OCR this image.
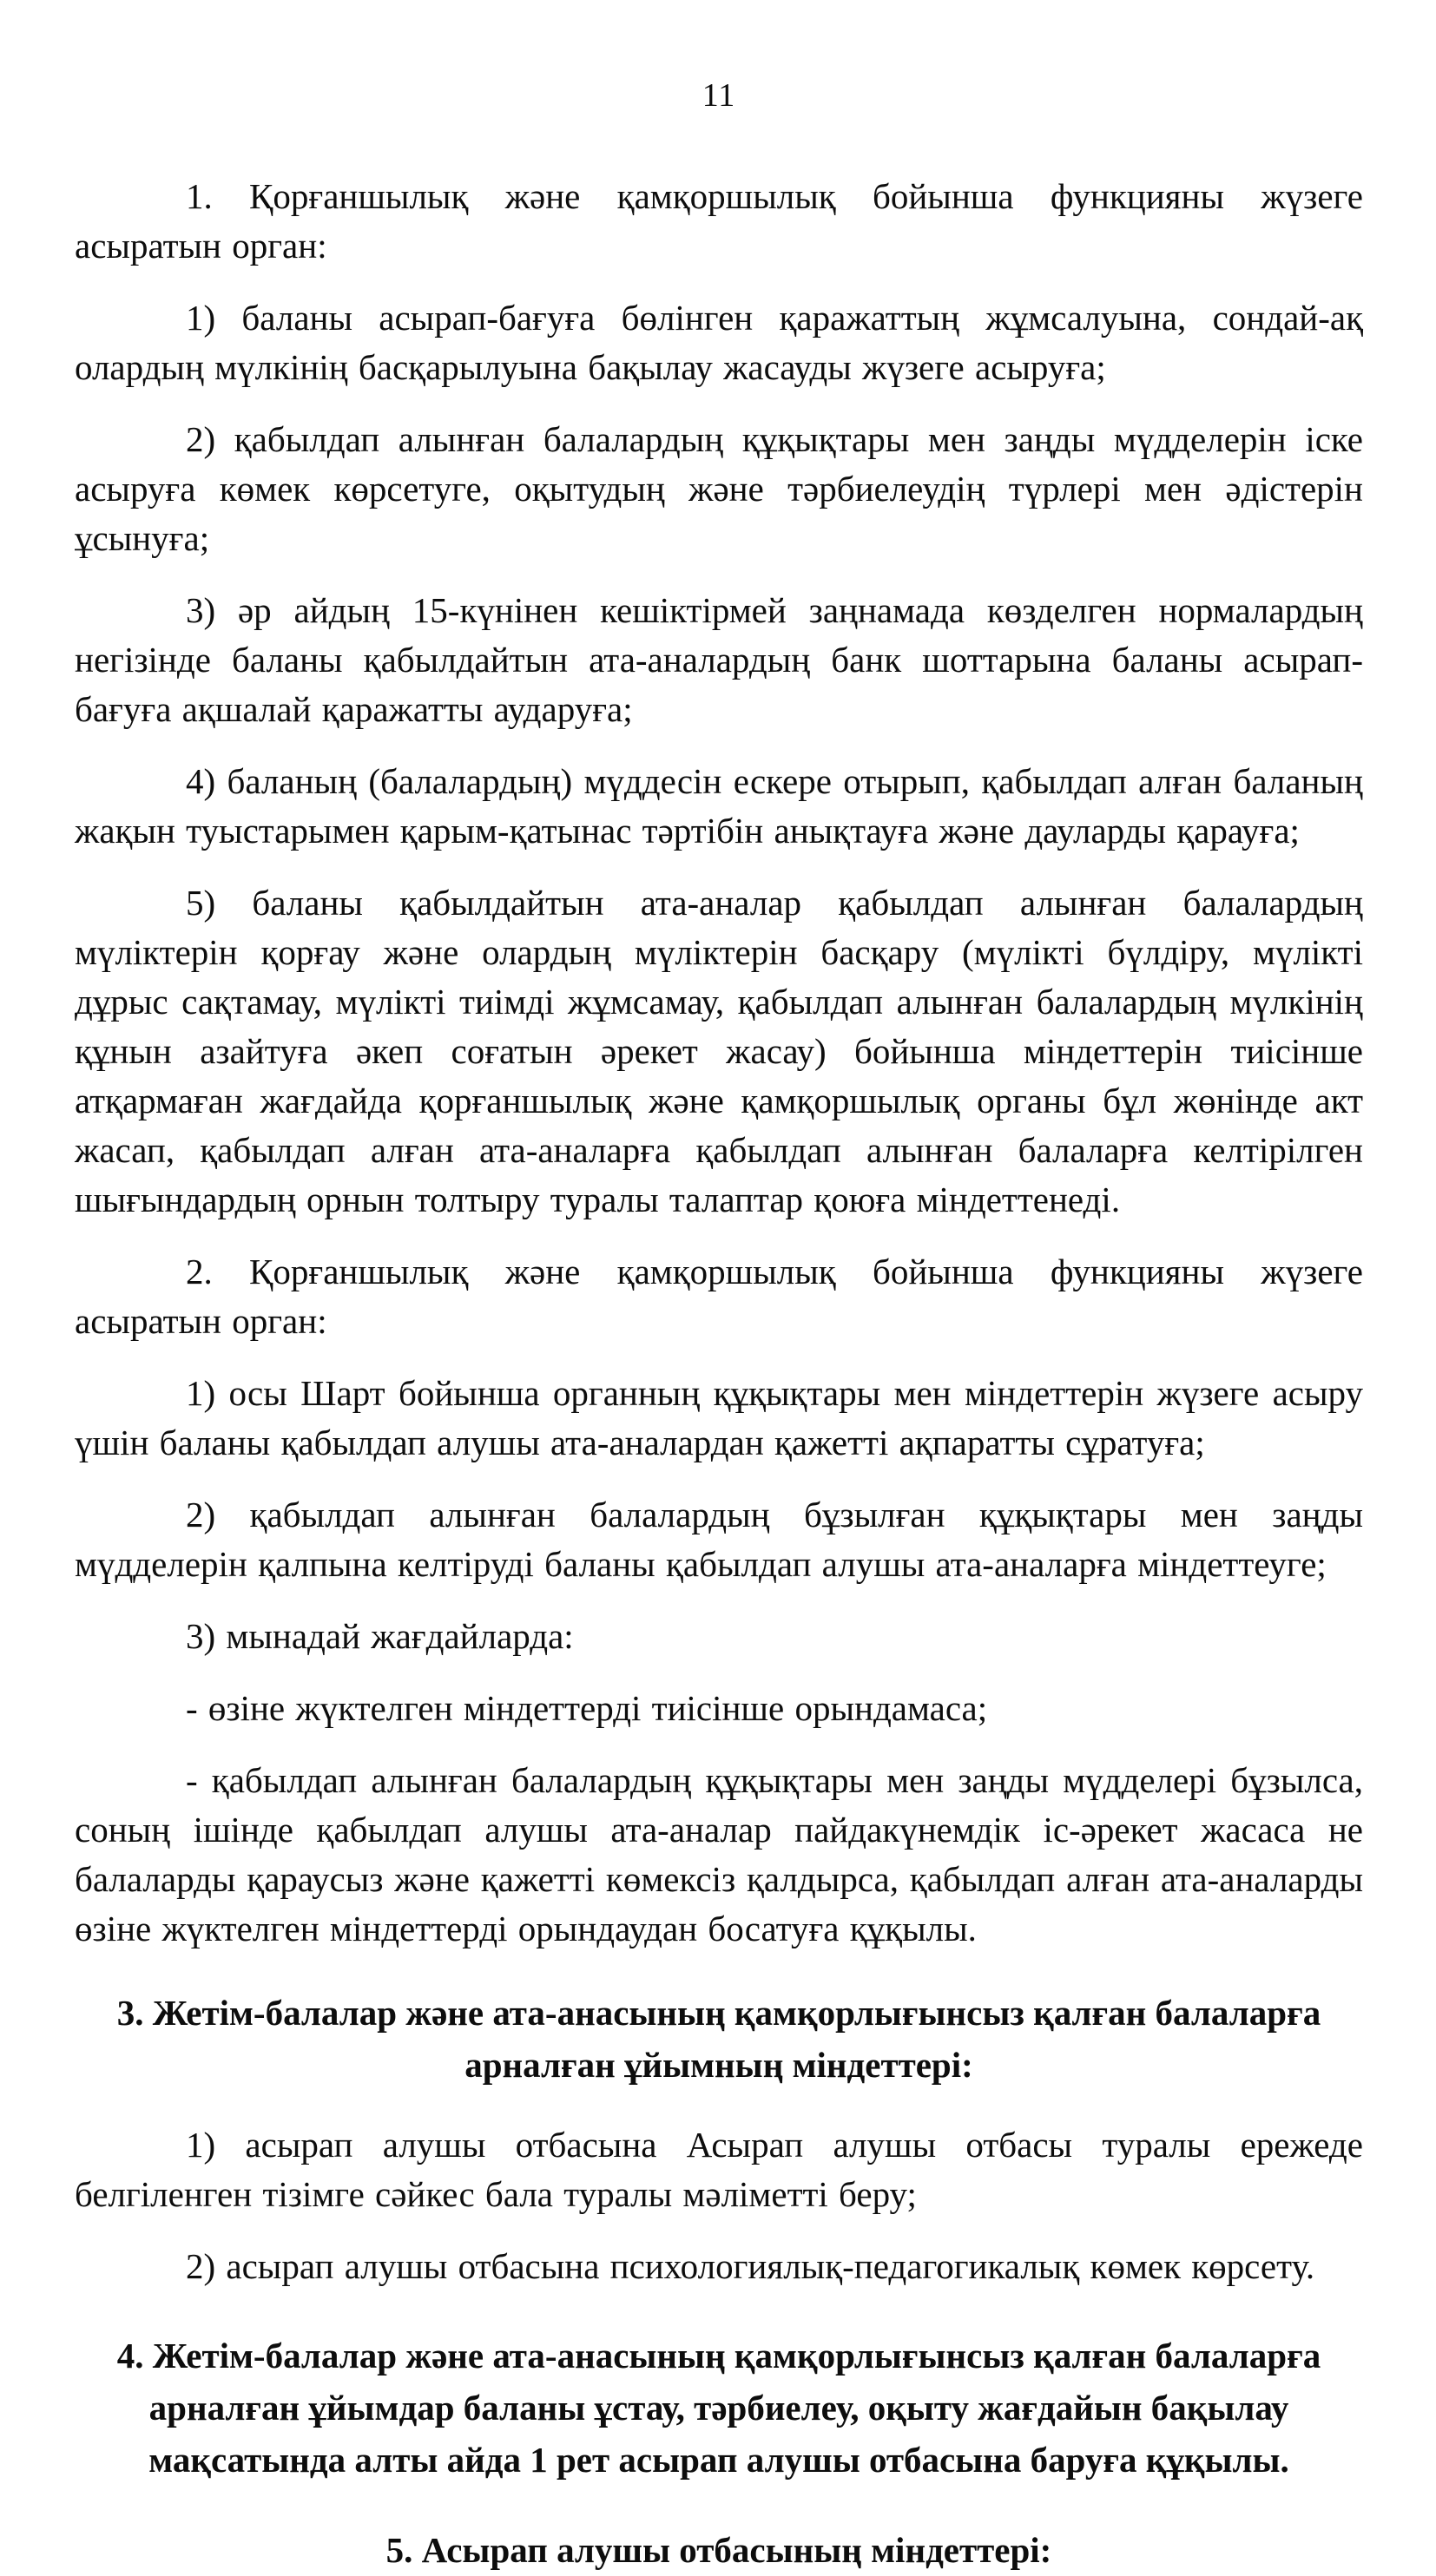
11

1. Қорғаншылық және қамқоршылық бойынша функцияны жүзеге асыратын орган:

1) баланы асырап-бағуға бөлінген қаражаттың жұмсалуына, сондай-ақ олардың мүлкінің басқарылуына бақылау жасауды жүзеге асыруға;

2) қабылдап алынған балалардың құқықтары мен заңды мүдделерін іске асыруға көмек көрсетуге, оқытудың және тәрбиелеудің түрлері мен әдістерін ұсынуға;

3) әр айдың 15-күнінен кешіктірмей заңнамада көзделген нормалардың негізінде баланы қабылдайтын ата-аналардың банк шоттарына баланы асырап-бағуға ақшалай қаражатты аударуға;

4) баланың (балалардың) мүддесін ескере отырып, қабылдап алған баланың жақын туыстарымен қарым-қатынас тәртібін анықтауға және дауларды қарауға;

5) баланы қабылдайтын ата-аналар қабылдап алынған балалардың мүліктерін қорғау және олардың мүліктерін басқару (мүлікті бүлдіру, мүлікті дұрыс сақтамау, мүлікті тиімді жұмсамау, қабылдап алынған балалардың мүлкінің құнын азайтуға әкеп соғатын әрекет жасау) бойынша міндеттерін тиісінше атқармаған жағдайда қорғаншылық және қамқоршылық органы бұл жөнінде акт жасап, қабылдап алған ата-аналарға қабылдап алынған балаларға келтірілген шығындардың орнын толтыру туралы талаптар қоюға міндеттенеді.

2. Қорғаншылық және қамқоршылық бойынша функцияны жүзеге асыратын орган:

1) осы Шарт бойынша органның құқықтары мен міндеттерін жүзеге асыру үшін баланы қабылдап алушы ата-аналардан қажетті ақпаратты сұратуға;

2) қабылдап алынған балалардың бұзылған құқықтары мен заңды мүдделерін қалпына келтіруді баланы қабылдап алушы ата-аналарға міндеттеуге;

3) мынадай жағдайларда:

- өзіне жүктелген міндеттерді тиісінше орындамаса;

- қабылдап алынған балалардың құқықтары мен заңды мүдделері бұзылса, соның ішінде қабылдап алушы ата-аналар пайдакүнемдік іс-әрекет жасаса не балаларды қараусыз және қажетті көмексіз қалдырса, қабылдап алған ата-аналарды өзіне жүктелген міндеттерді орындаудан босатуға құқылы.

3. Жетім-балалар және ата-анасының қамқорлығынсыз қалған балаларға арналған ұйымның міндеттері:

1) асырап алушы отбасына Асырап алушы отбасы туралы ережеде белгіленген тізімге сәйкес бала туралы мәліметті беру;

2) асырап алушы отбасына психологиялық-педагогикалық көмек көрсету.

4. Жетім-балалар және ата-анасының қамқорлығынсыз қалған балаларға арналған ұйымдар баланы ұстау, тәрбиелеу, оқыту жағдайын бақылау мақсатында алты айда 1 рет асырап алушы отбасына баруға құқылы.

5. Асырап алушы отбасының міндеттері:
